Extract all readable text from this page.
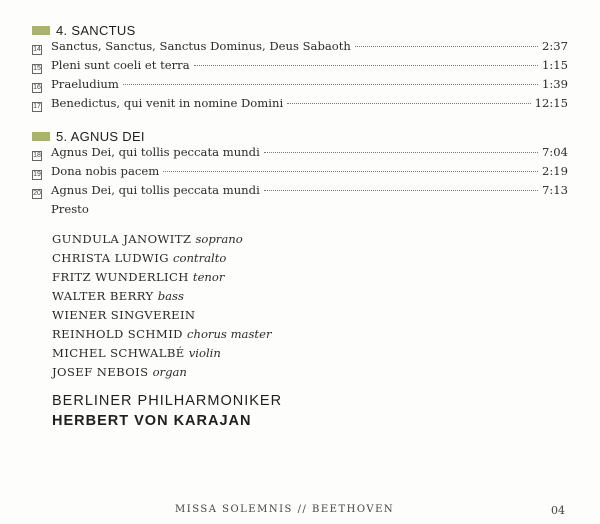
4. SANCTUS
14 Sanctus, Sanctus, Sanctus Dominus, Deus Sabaoth	2:37
15 Pleni sunt coeli et terra	1:15
16 Praeludium	1:39
17 Benedictus, qui venit in nomine Domini	12:15
5. AGNUS DEI
18 Agnus Dei, qui tollis peccata mundi	7:04
19 Dona nobis pacem	2:19
20 Agnus Dei, qui tollis peccata mundi	7:13
Presto
GUNDULA JANOWITZ soprano
CHRISTA LUDWIG contralto
FRITZ WUNDERLICH tenor
WALTER BERRY bass
WIENER SINGVEREIN
REINHOLD SCHMID chorus master
MICHEL SCHWALBÉ violin
JOSEF NEBOIS organ
BERLINER PHILHARMONIKER
HERBERT VON KARAJAN
MISSA SOLEMNIS // BEETHOVEN	04
